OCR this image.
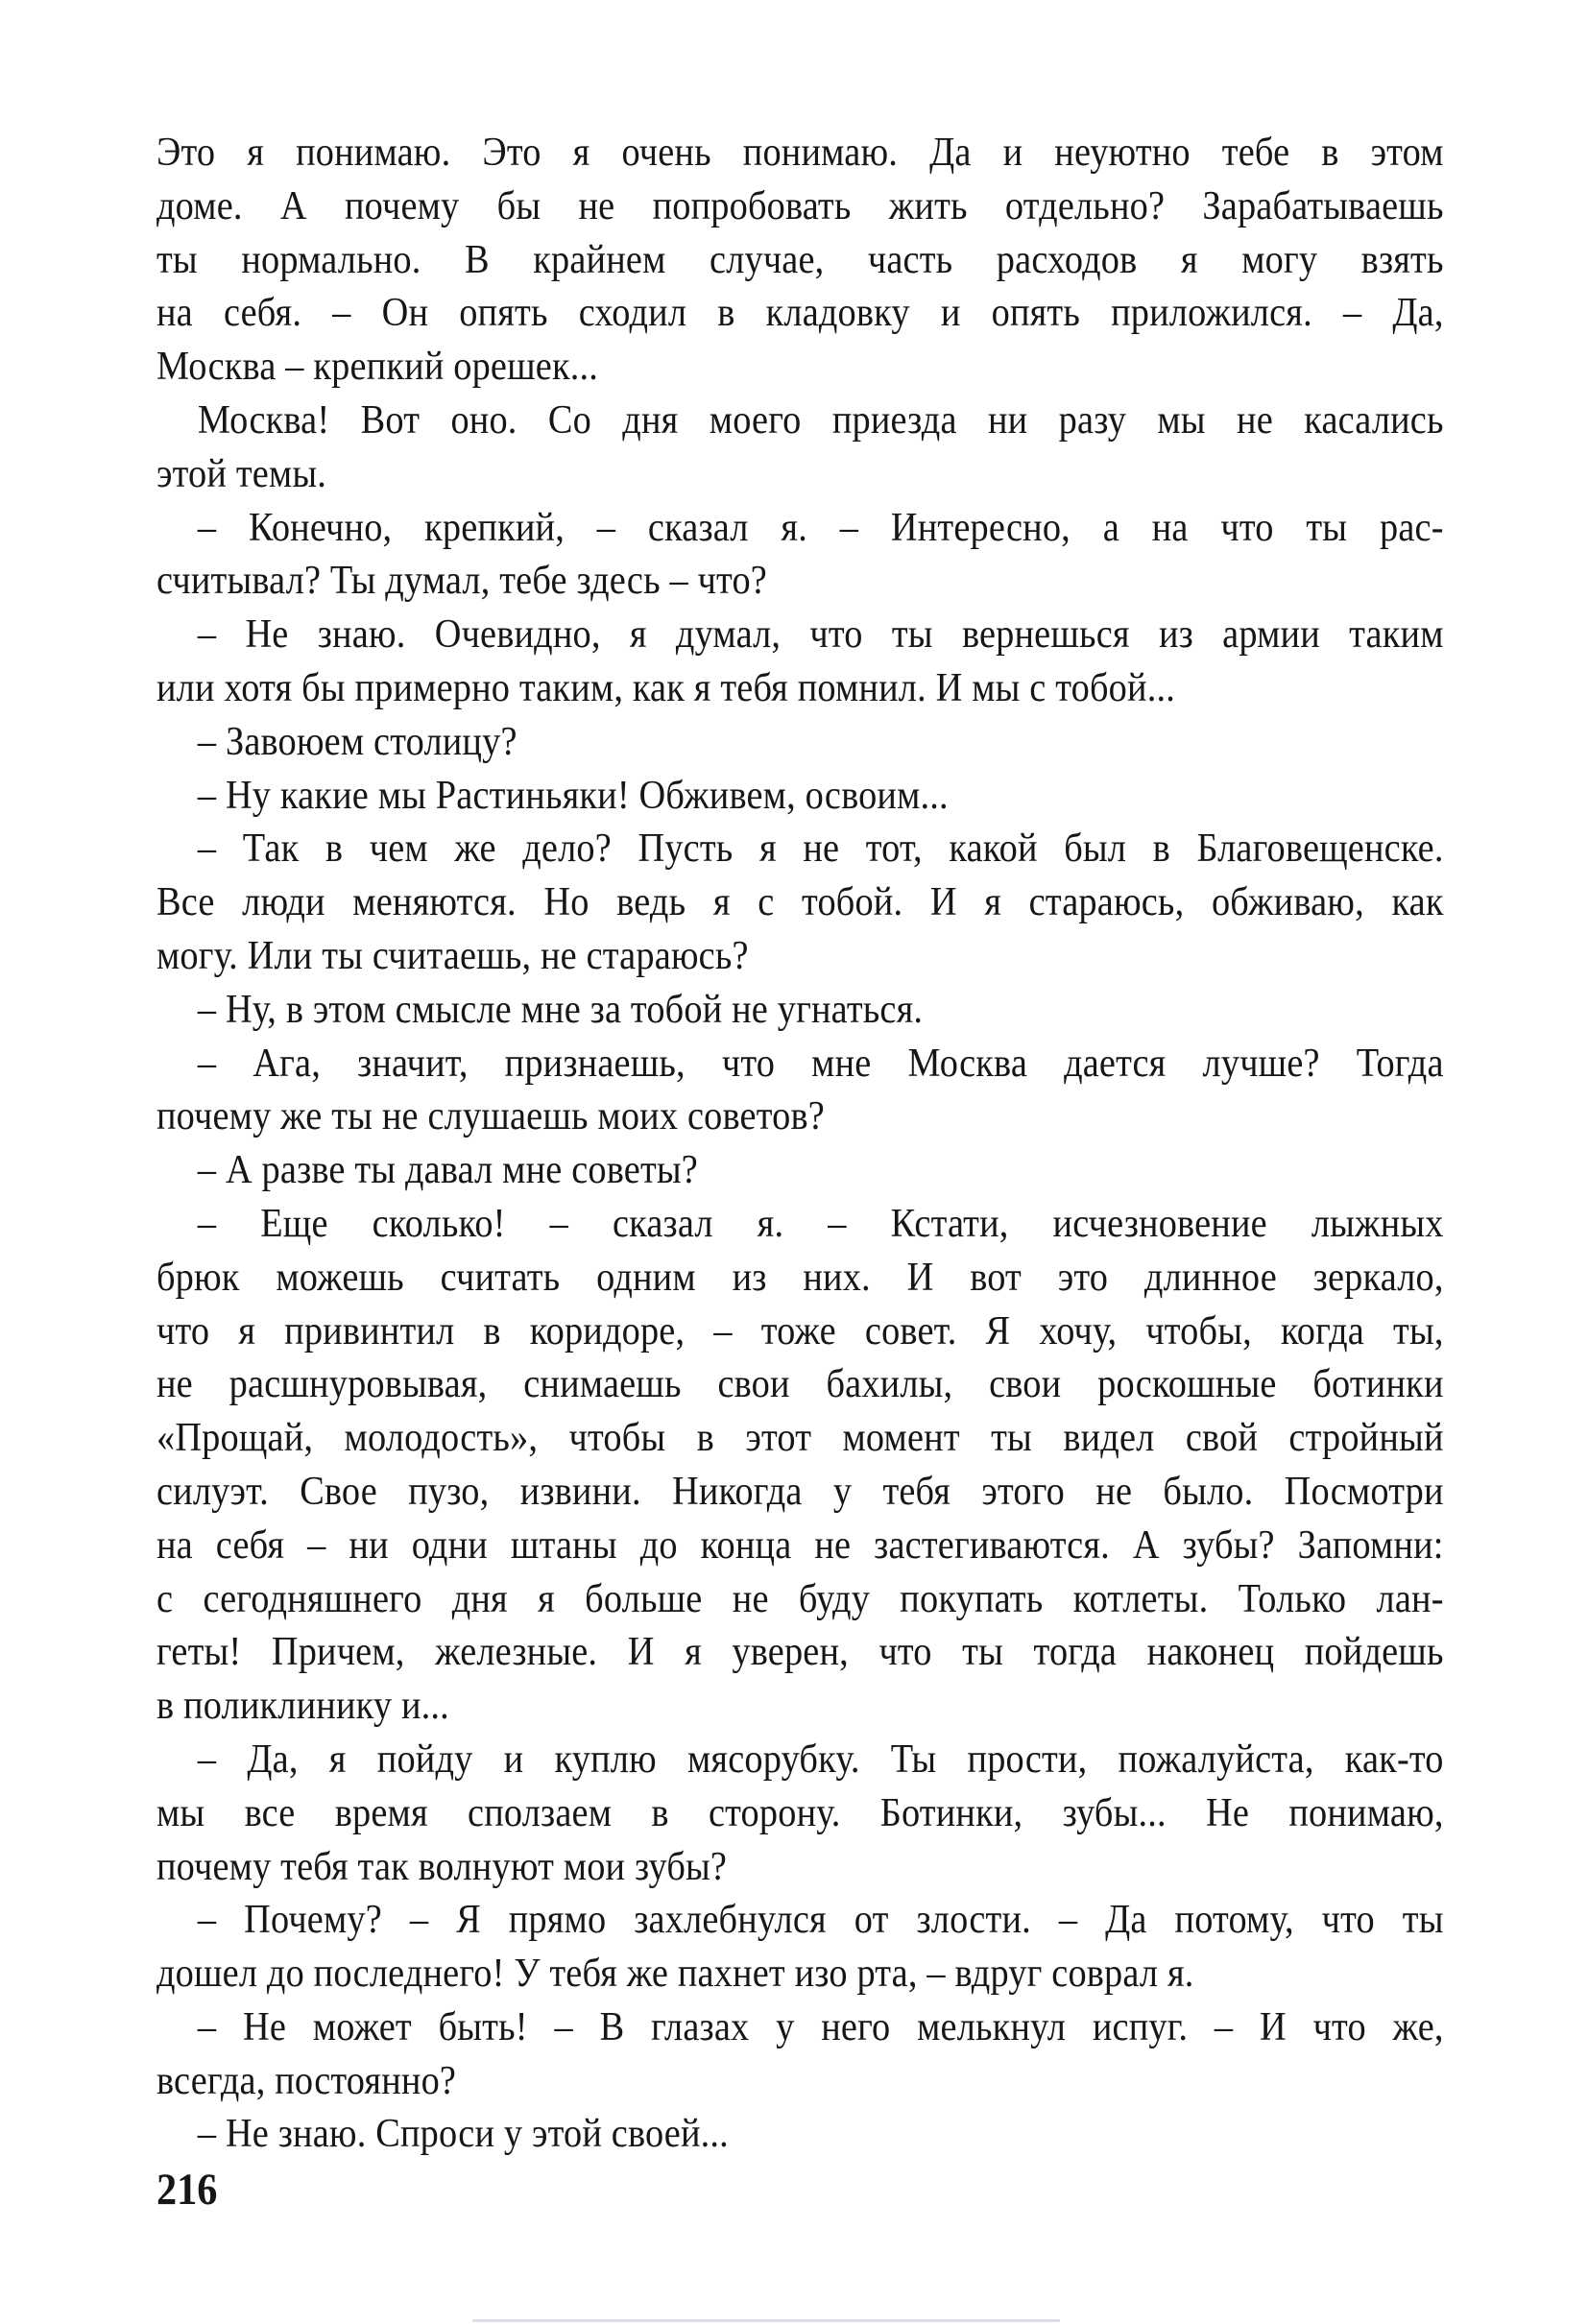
Это я понимаю. Это я очень понимаю. Да и неуютно тебе в этом
доме. А почему бы не попробовать жить отдельно? Зарабатываешь
ты нормально. В крайнем случае, часть расходов я могу взять
на себя. – Он опять сходил в кладовку и опять приложился. – Да,
Москва – крепкий орешек...
Москва! Вот оно. Со дня моего приезда ни разу мы не касались
этой темы.
– Конечно, крепкий, – сказал я. – Интересно, а на что ты рас-
считывал? Ты думал, тебе здесь – что?
– Не знаю. Очевидно, я думал, что ты вернешься из армии таким
или хотя бы примерно таким, как я тебя помнил. И мы с тобой...
– Завоюем столицу?
– Ну какие мы Растиньяки! Обживем, освоим...
– Так в чем же дело? Пусть я не тот, какой был в Благовещенске.
Все люди меняются. Но ведь я с тобой. И я стараюсь, обживаю, как
могу. Или ты считаешь, не стараюсь?
– Ну, в этом смысле мне за тобой не угнаться.
– Ага, значит, признаешь, что мне Москва дается лучше? Тогда
почему же ты не слушаешь моих советов?
– А разве ты давал мне советы?
– Еще сколько! – сказал я. – Кстати, исчезновение лыжных
брюк можешь считать одним из них. И вот это длинное зеркало,
что я привинтил в коридоре, – тоже совет. Я хочу, чтобы, когда ты,
не расшнуровывая, снимаешь свои бахилы, свои роскошные ботинки
«Прощай, молодость», чтобы в этот момент ты видел свой стройный
силуэт. Свое пузо, извини. Никогда у тебя этого не было. Посмотри
на себя – ни одни штаны до конца не застегиваются. А зубы? Запомни:
с сегодняшнего дня я больше не буду покупать котлеты. Только лан-
геты! Причем, железные. И я уверен, что ты тогда наконец пойдешь
в поликлинику и...
– Да, я пойду и куплю мясорубку. Ты прости, пожалуйста, как-то
мы все время сползаем в сторону. Ботинки, зубы... Не понимаю,
почему тебя так волнуют мои зубы?
– Почему? – Я прямо захлебнулся от злости. – Да потому, что ты
дошел до последнего! У тебя же пахнет изо рта, – вдруг соврал я.
– Не может быть! – В глазах у него мелькнул испуг. – И что же,
всегда, постоянно?
– Не знаю. Спроси у этой своей...
216
